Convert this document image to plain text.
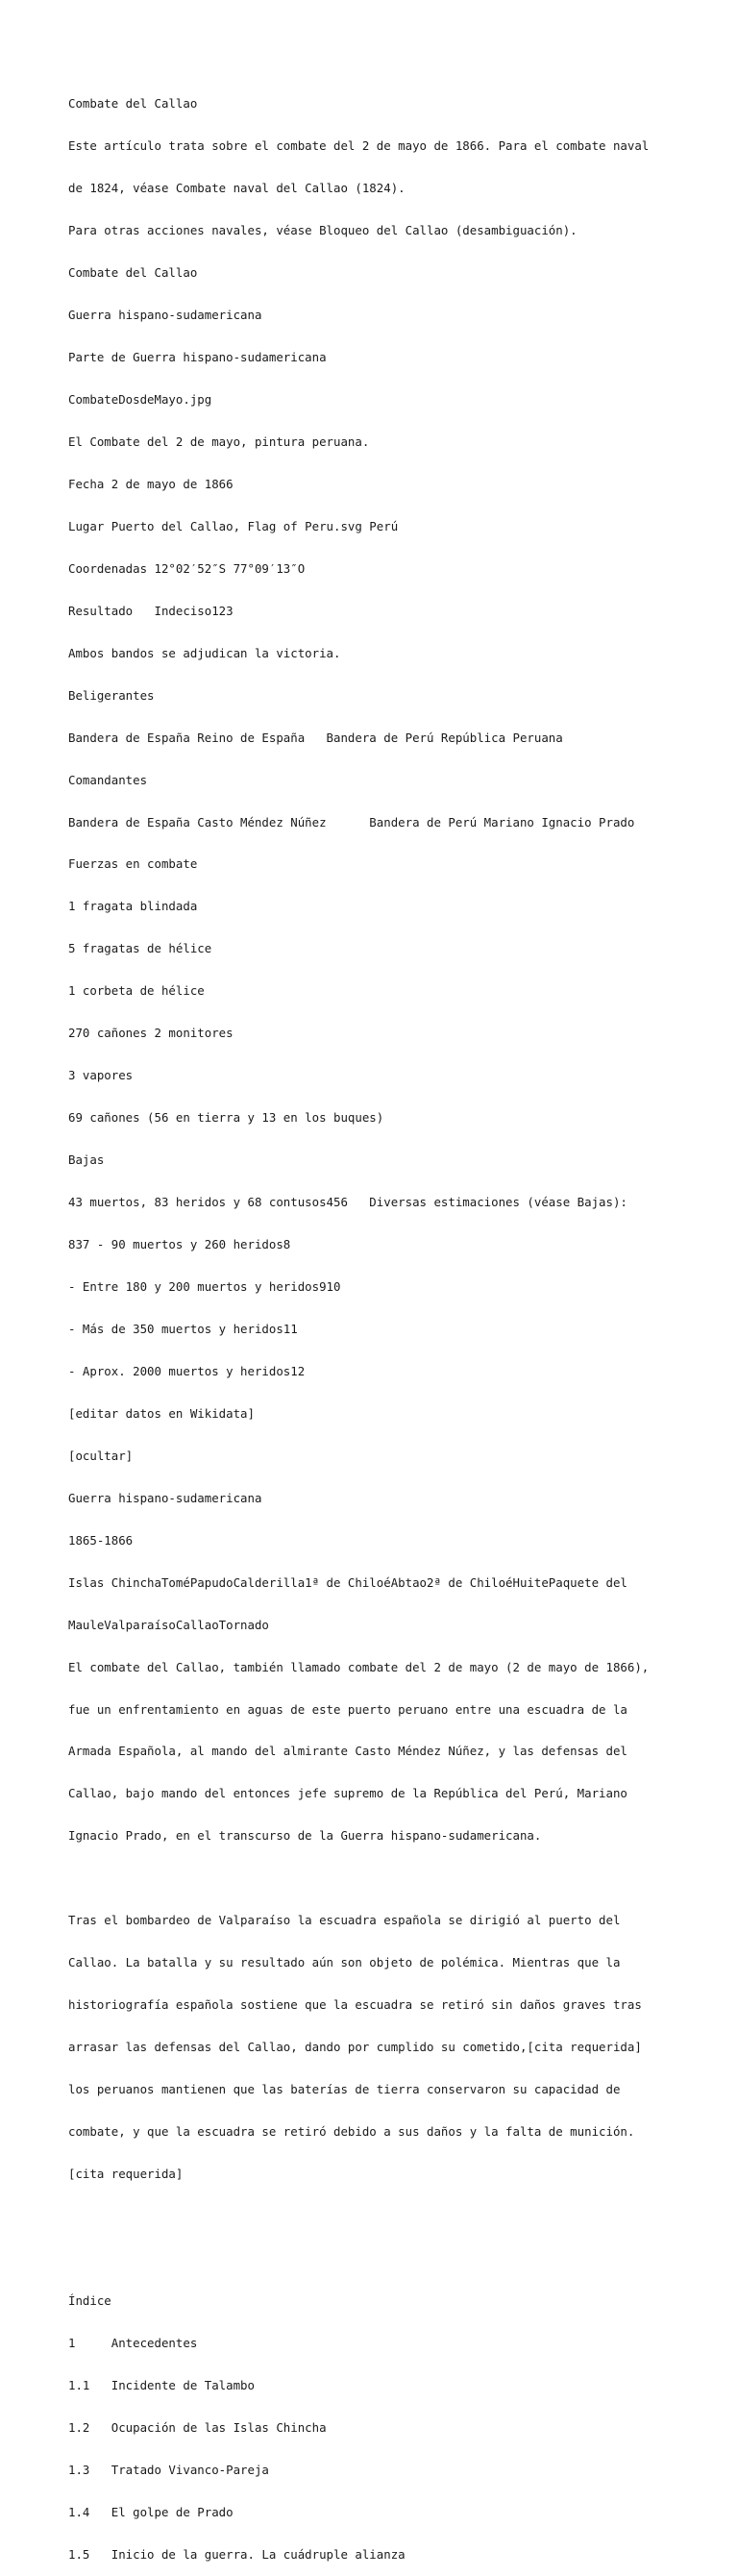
Combate del Callao

Este artículo trata sobre el combate del 2 de mayo de 1866. Para el combate naval

de 1824, véase Combate naval del Callao (1824).

Para otras acciones navales, véase Bloqueo del Callao (desambiguación).

Combate del Callao

Guerra hispano-sudamericana

Parte de Guerra hispano-sudamericana

CombateDosdeMayo.jpg

El Combate del 2 de mayo, pintura peruana.

Fecha 2 de mayo de 1866

Lugar Puerto del Callao, Flag of Peru.svg Perú

Coordenadas 12°02′52″S 77°09′13″O

Resultado   Indeciso123

Ambos bandos se adjudican la victoria.

Beligerantes

Bandera de España Reino de España   Bandera de Perú República Peruana

Comandantes

Bandera de España Casto Méndez Núñez      Bandera de Perú Mariano Ignacio Prado

Fuerzas en combate

1 fragata blindada

5 fragatas de hélice

1 corbeta de hélice

270 cañones 2 monitores

3 vapores

69 cañones (56 en tierra y 13 en los buques)

Bajas

43 muertos, 83 heridos y 68 contusos456   Diversas estimaciones (véase Bajas):

837 - 90 muertos y 260 heridos8

- Entre 180 y 200 muertos y heridos910

- Más de 350 muertos y heridos11

- Aprox. 2000 muertos y heridos12

[editar datos en Wikidata]

[ocultar]

Guerra hispano-sudamericana

1865-1866

Islas ChinchaToméPapudoCalderilla1ª de ChiloéAbtao2ª de ChiloéHuitePaquete del

MauleValparaísoCallaoTornado

El combate del Callao, también llamado combate del 2 de mayo (2 de mayo de 1866),

fue un enfrentamiento en aguas de este puerto peruano entre una escuadra de la

Armada Española, al mando del almirante Casto Méndez Núñez, y las defensas del

Callao, bajo mando del entonces jefe supremo de la República del Perú, Mariano

Ignacio Prado, en el transcurso de la Guerra hispano-sudamericana.

Tras el bombardeo de Valparaíso la escuadra española se dirigió al puerto del

Callao. La batalla y su resultado aún son objeto de polémica. Mientras que la

historiografía española sostiene que la escuadra se retiró sin daños graves tras

arrasar las defensas del Callao, dando por cumplido su cometido,[cita requerida]

los peruanos mantienen que las baterías de tierra conservaron su capacidad de

combate, y que la escuadra se retiró debido a sus daños y la falta de munición.

[cita requerida]

Índice

1     Antecedentes

1.1   Incidente de Talambo

1.2   Ocupación de las Islas Chincha

1.3   Tratado Vivanco-Pareja

1.4   El golpe de Prado

1.5   Inicio de la guerra. La cuádruple alianza
